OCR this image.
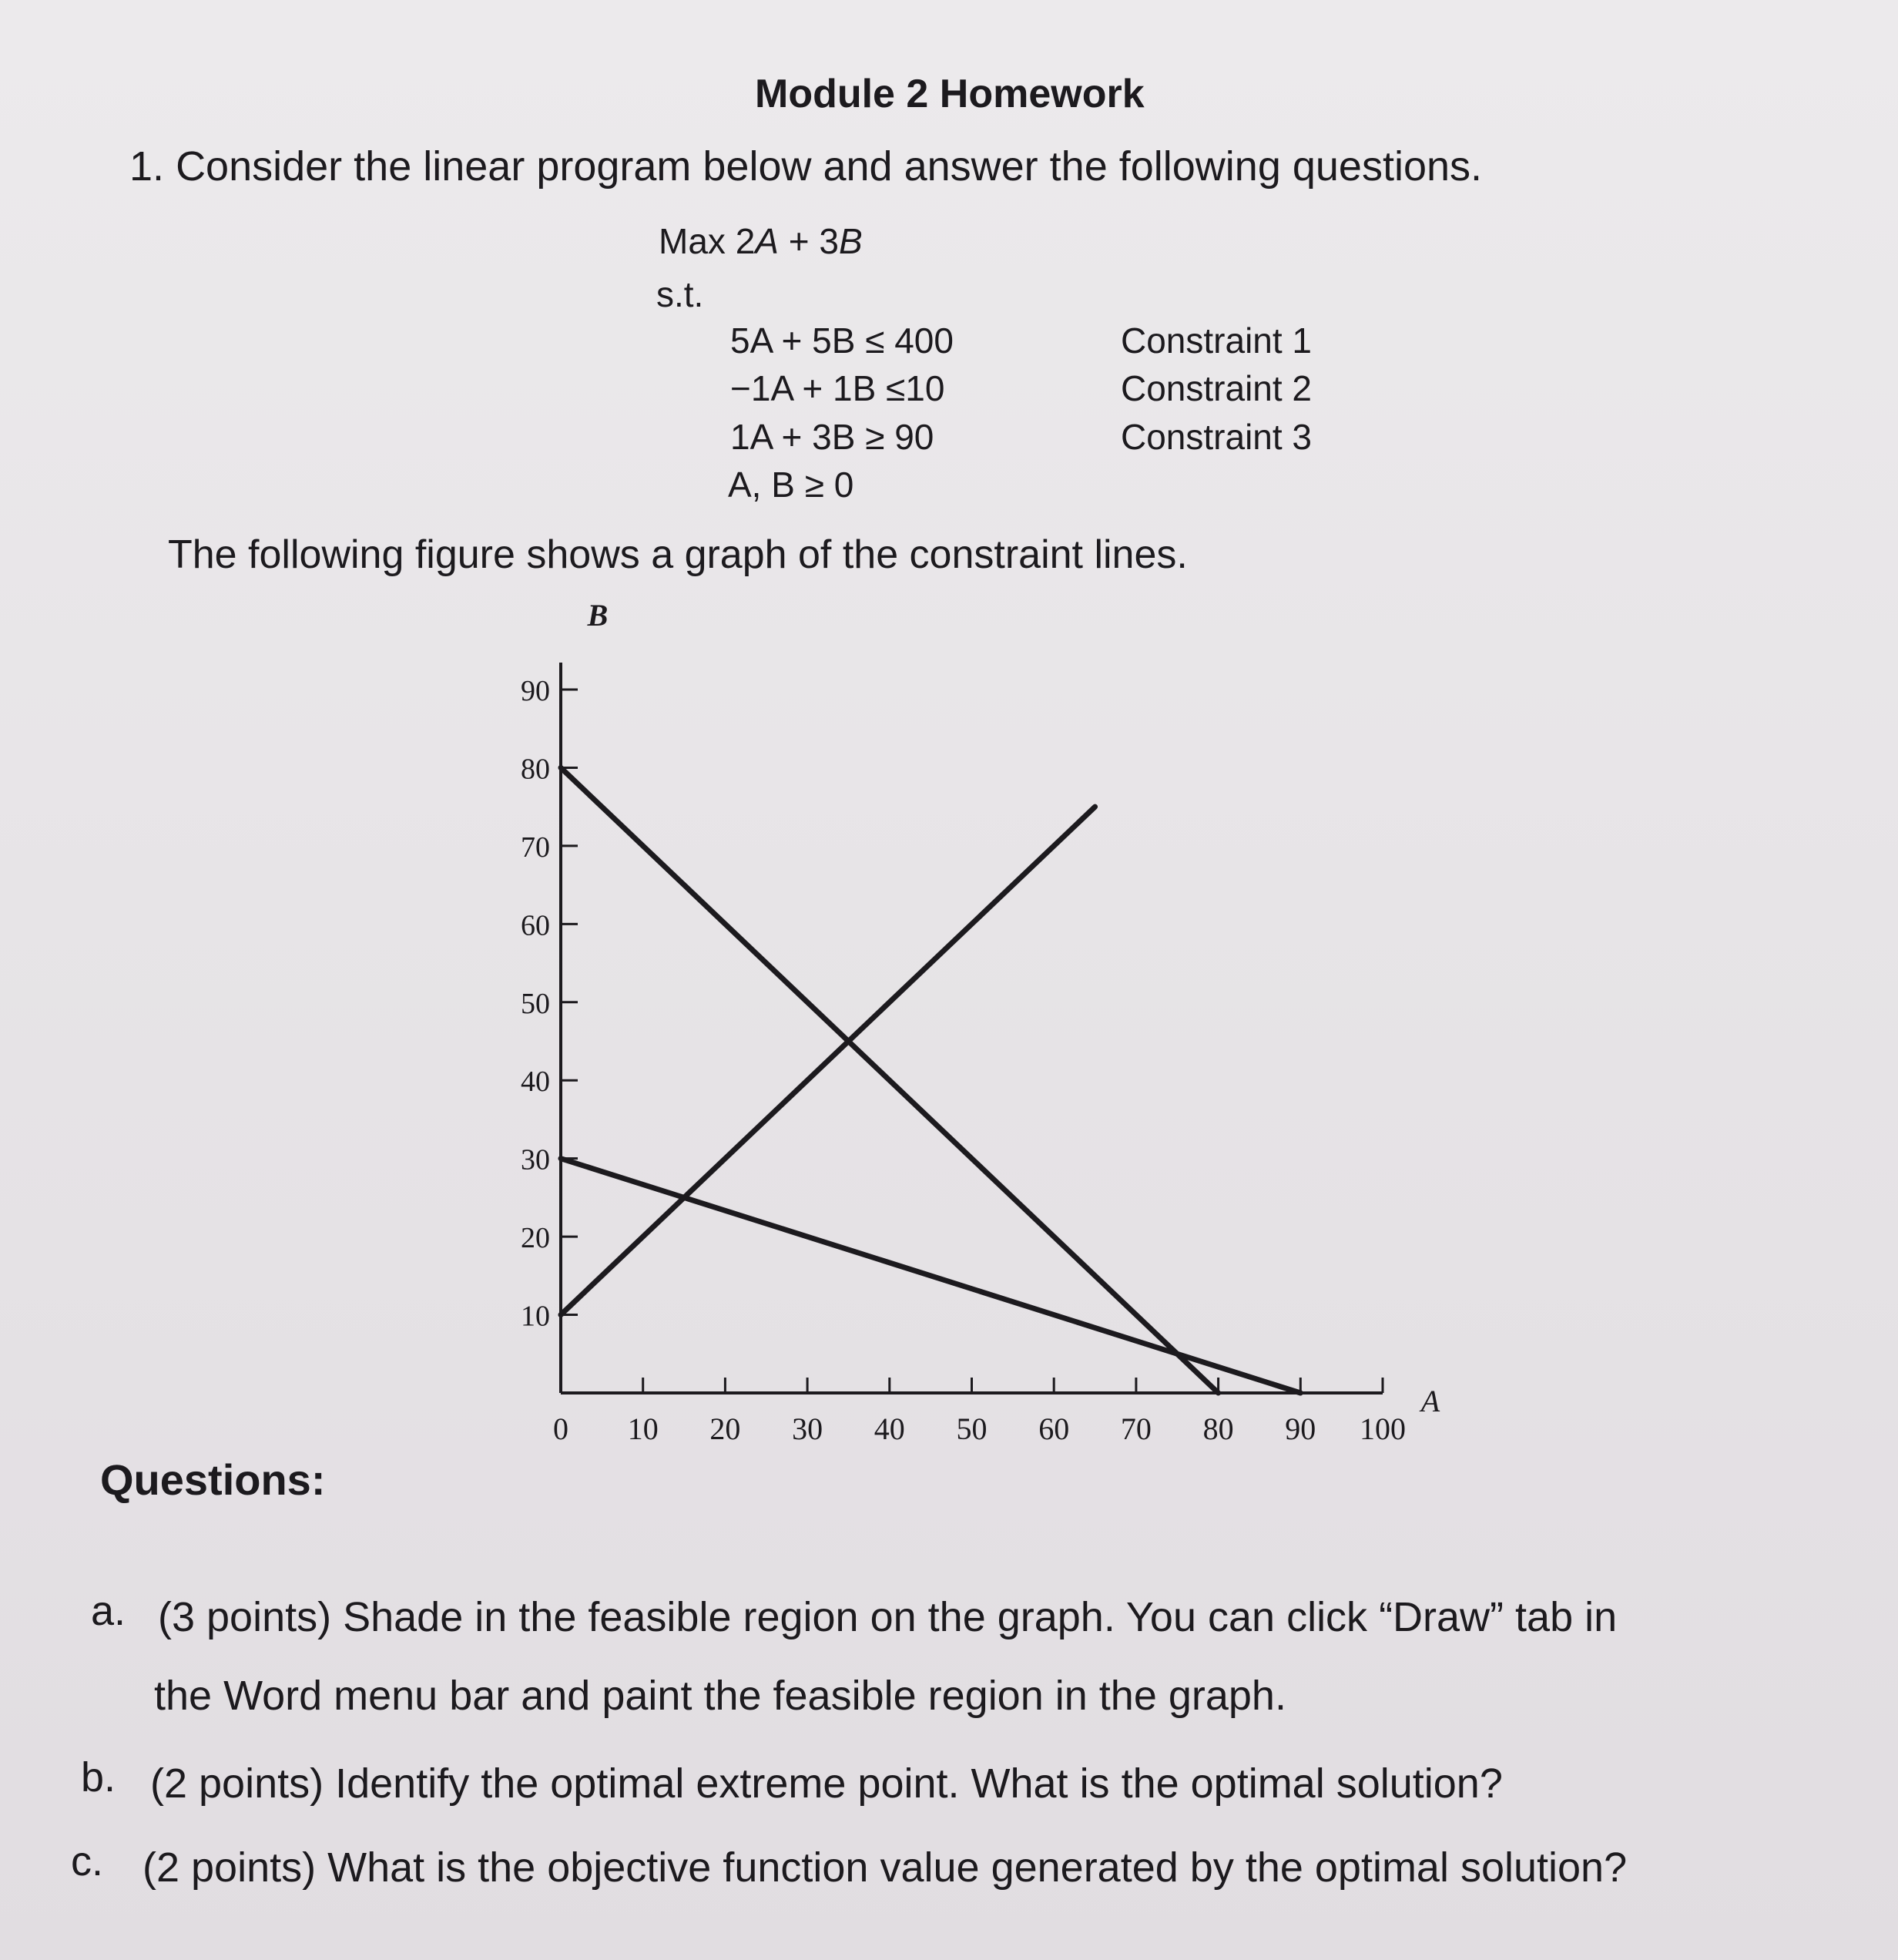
Module 2 Homework
1. Consider the linear program below and answer the following questions.
Max 2A + 3B
s.t.
5A + 5B ≤ 400	Constraint 1
−1A + 1B ≤10	Constraint 2
1A + 3B ≥ 90	Constraint 3
A, B ≥ 0
The following figure shows a graph of the constraint lines.
0 10 20 30 40 50 60 70 80 90 100
10
20
30
40
50
60
70
80
90
B
A
Questions:
a. (3 points) Shade in the feasible region on the graph. You can click “Draw” tab in
the Word menu bar and paint the feasible region in the graph.
b. (2 points) Identify the optimal extreme point. What is the optimal solution?
c. (2 points) What is the objective function value generated by the optimal solution?
